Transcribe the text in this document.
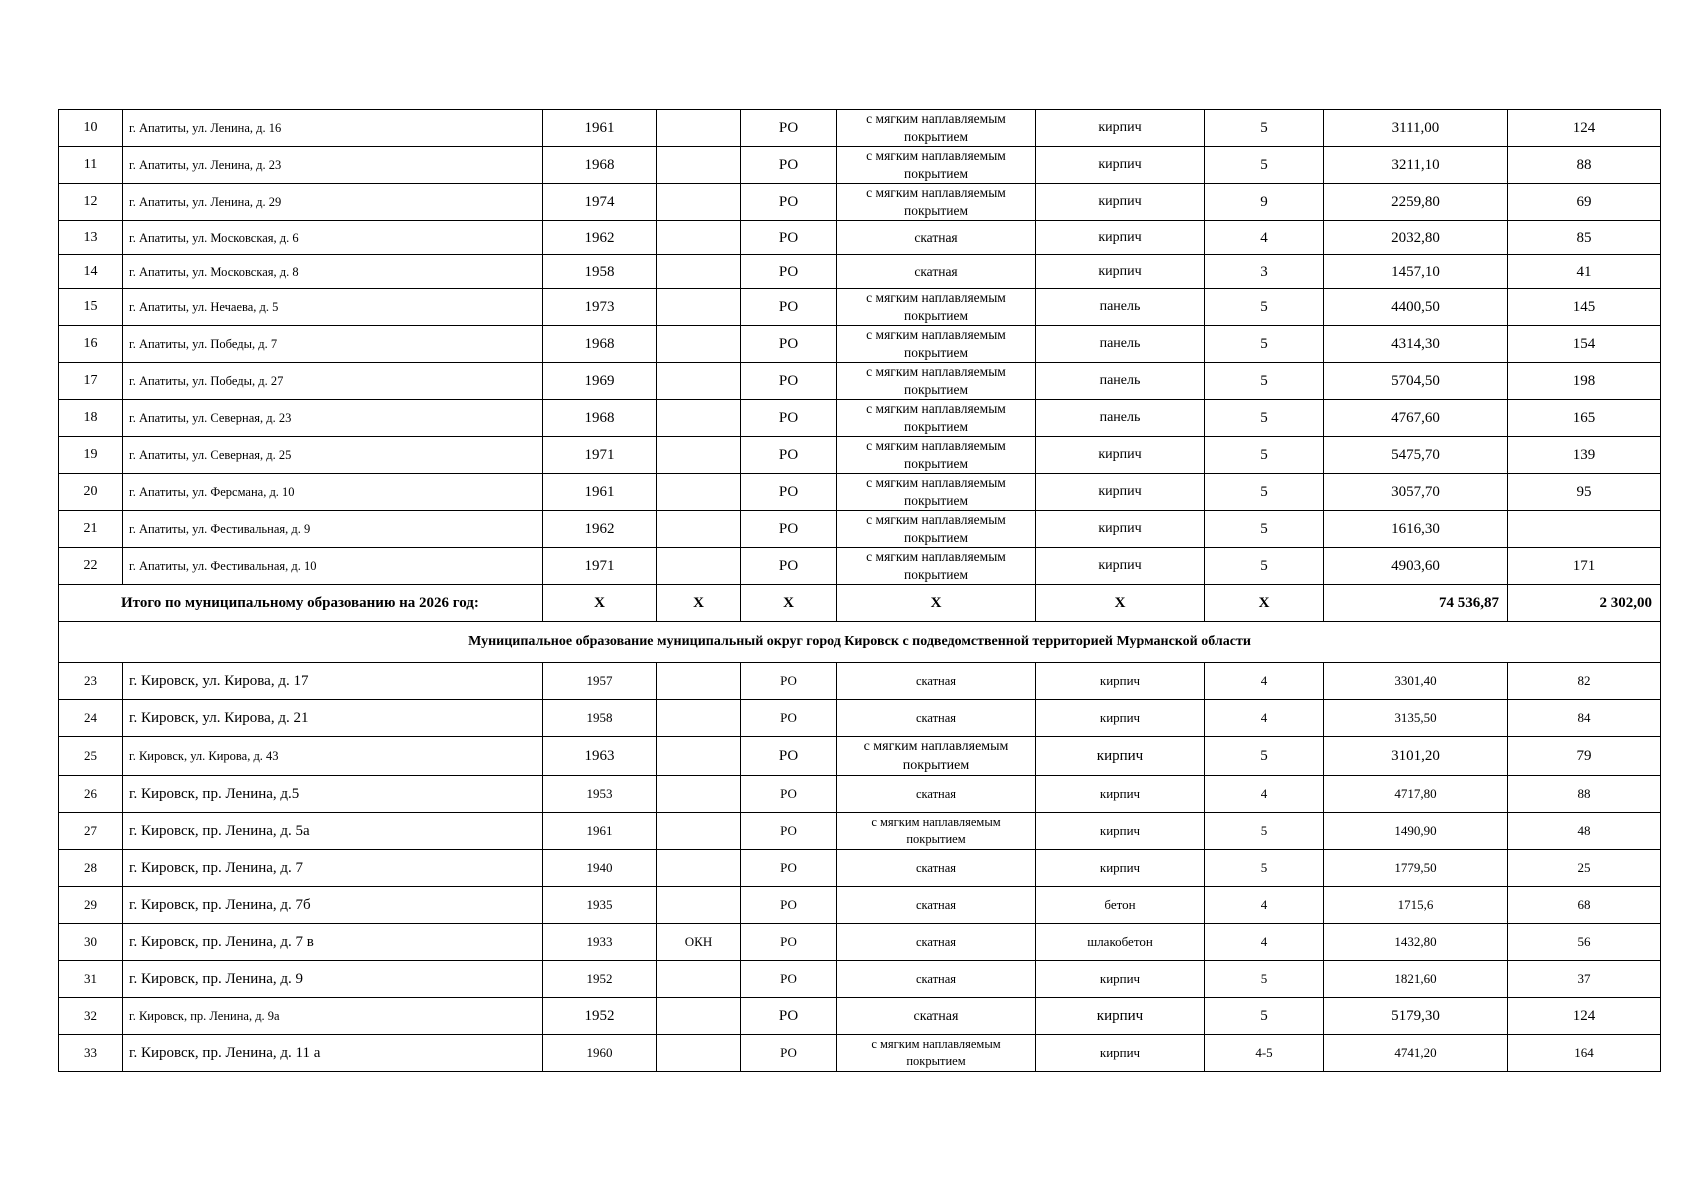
10	г. Апатиты, ул. Ленина, д. 16	1961		РО	с мягким наплавляемым покрытием	кирпич	5	3111,00	124
11	г. Апатиты, ул. Ленина, д. 23	1968		РО	с мягким наплавляемым покрытием	кирпич	5	3211,10	88
12	г. Апатиты, ул. Ленина, д. 29	1974		РО	с мягким наплавляемым покрытием	кирпич	9	2259,80	69
13	г. Апатиты, ул. Московская, д. 6	1962		РО	скатная	кирпич	4	2032,80	85
14	г. Апатиты, ул. Московская, д. 8	1958		РО	скатная	кирпич	3	1457,10	41
15	г. Апатиты, ул. Нечаева, д. 5	1973		РО	с мягким наплавляемым покрытием	панель	5	4400,50	145
16	г. Апатиты, ул. Победы, д. 7	1968		РО	с мягким наплавляемым покрытием	панель	5	4314,30	154
17	г. Апатиты, ул. Победы, д. 27	1969		РО	с мягким наплавляемым покрытием	панель	5	5704,50	198
18	г. Апатиты, ул. Северная, д. 23	1968		РО	с мягким наплавляемым покрытием	панель	5	4767,60	165
19	г. Апатиты, ул. Северная, д. 25	1971		РО	с мягким наплавляемым покрытием	кирпич	5	5475,70	139
20	г. Апатиты, ул. Ферсмана, д. 10	1961		РО	с мягким наплавляемым покрытием	кирпич	5	3057,70	95
21	г. Апатиты, ул. Фестивальная, д. 9	1962		РО	с мягким наплавляемым покрытием	кирпич	5	1616,30	
22	г. Апатиты, ул. Фестивальная, д. 10	1971		РО	с мягким наплавляемым покрытием	кирпич	5	4903,60	171
Итого по муниципальному образованию на 2026 год:		X	X	X	X	X	X	74 536,87	2 302,00
Муниципальное образование муниципальный округ город Кировск с подведомственной территорией Мурманской области									
23	г. Кировск, ул. Кирова, д. 17	1957		РО	скатная	кирпич	4	3301,40	82
24	г. Кировск, ул. Кирова, д. 21	1958		РО	скатная	кирпич	4	3135,50	84
25	г. Кировск, ул. Кирова, д. 43	1963		РО	с мягким наплавляемым покрытием	кирпич	5	3101,20	79
26	г. Кировск, пр. Ленина, д.5	1953		РО	скатная	кирпич	4	4717,80	88
27	г. Кировск, пр. Ленина, д. 5а	1961		РО	с мягким наплавляемым покрытием	кирпич	5	1490,90	48
28	г. Кировск, пр. Ленина, д. 7	1940		РО	скатная	кирпич	5	1779,50	25
29	г. Кировск, пр. Ленина, д. 7б	1935		РО	скатная	бетон	4	1715,6	68
30	г. Кировск, пр. Ленина, д. 7 в	1933	ОКН	РО	скатная	шлакобетон	4	1432,80	56
31	г. Кировск, пр. Ленина, д. 9	1952		РО	скатная	кирпич	5	1821,60	37
32	г. Кировск, пр. Ленина, д. 9а	1952		РО	скатная	кирпич	5	5179,30	124
33	г. Кировск, пр. Ленина, д. 11 а	1960		РО	с мягким наплавляемым покрытием	кирпич	4-5	4741,20	164
